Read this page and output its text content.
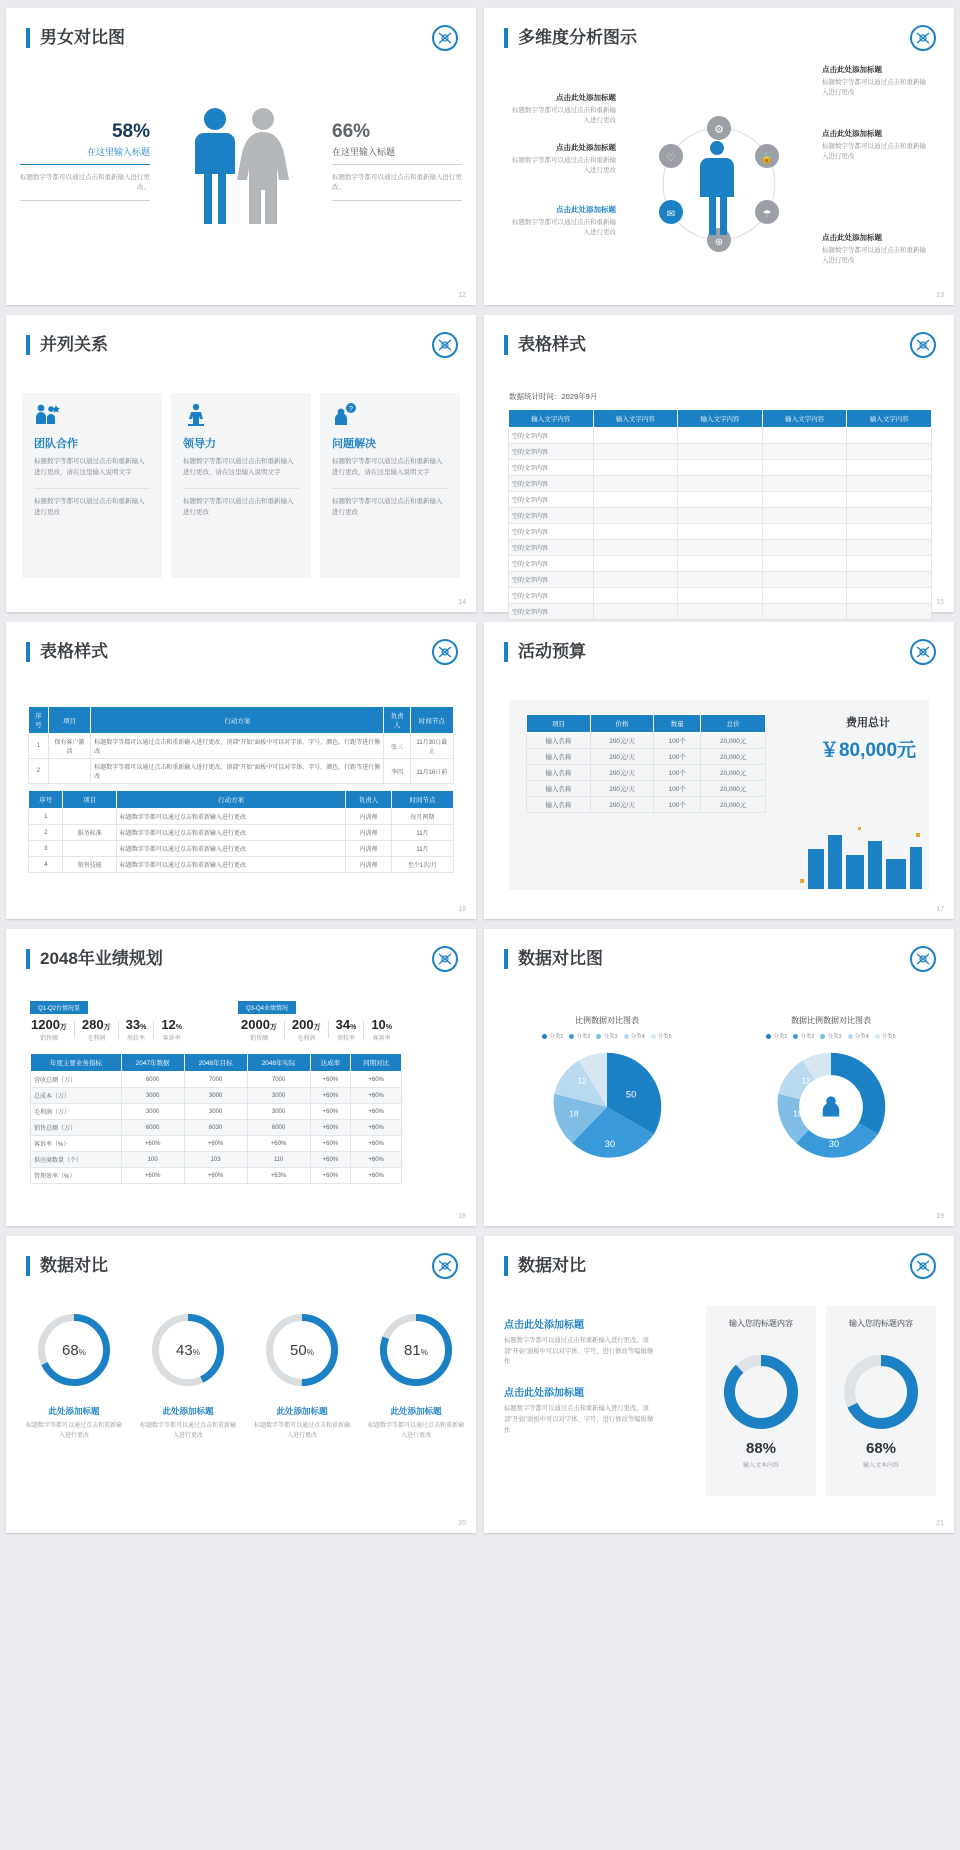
男女对比图
58%
在这里输入标题
标题数字等都可以通过点击和重新输入进行更改。
66%
在这里输入标题
标题数字等都可以通过点击和重新输入进行更改。
12
多维度分析图示
⚙
🔒
☂
⊕
✉
♡
点击此处添加标题
标题数字等都可以通过点击和重新输入进行更改
点击此处添加标题
标题数字等都可以通过点击和重新输入进行更改
点击此处添加标题
标题数字等都可以通过点击和重新输入进行更改
点击此处添加标题
标题数字等都可以通过点击和重新输入进行更改
点击此处添加标题
标题数字等都可以通过点击和重新输入进行更改
点击此处添加标题
标题数字等都可以通过点击和重新输入进行更改
13
并列关系
团队合作

标题数字等都可以通过点击和重新输入进行更改，请在这里输入说明文字

标题数字等都可以通过点击和重新输入进行更改

领导力

标题数字等都可以通过点击和重新输入进行更改，请在这里输入说明文字

标题数字等都可以通过点击和重新输入进行更改

?
问题解决

标题数字等都可以通过点击和重新输入进行更改，请在这里输入说明文字

标题数字等都可以通过点击和重新输入进行更改

14
表格样式
数据统计时间：2029年9月
输入文字内容	输入文字内容	输入文字内容	输入文字内容	输入文字内容
空的文字内容				
空的文字内容				
空的文字内容				
空的文字内容				
空的文字内容				
空的文字内容				
空的文字内容				
空的文字内容				
空的文字内容				
空的文字内容				
空的文字内容				
空的文字内容				
15
表格样式
序号	项目	行动方案	负责人	时间节点
1	保有客户激活	标题数字等都可以通过点击和重新输入进行更改，顶部“开始”面板中可以对字体、字号、颜色、行距等进行修改	张三	11月30日截止
2		标题数字等都可以通过点击和重新输入进行更改，顶部“开始”面板中可以对字体、字号、颜色、行距等进行修改	李四	11月16日前
序号	项目	行动方案	负责人	时间节点
1		标题数字等都可以通过点击和重新输入进行更改	内训师	每月两期
2	服务标准	标题数字等都可以通过点击和重新输入进行更改	内训师	11月
3		标题数字等都可以通过点击和重新输入进行更改	内训师	11月
4	销售技能	标题数字等都可以通过点击和重新输入进行更改	内训师	至少1次/月
16
活动预算
项目	价格	数量	总价
输入名称	200元/天	100个	20,000元
输入名称	200元/天	100个	20,000元
输入名称	200元/天	100个	20,000元
输入名称	200元/天	100个	20,000元
输入名称	200元/天	100个	20,000元
费用总计
￥80,000元
17
2048年业绩规划
Q1-Q2台情况显	Q3-Q4业绩情况
1200万
销售额
280万
毛利润
33%
周转率
12%
客诉率
2000万
销售额
200万
毛利润
34%
周转率
10%
客诉率
年度主要业务指标	2047年数据	2048年目标	2048年实际	达成率	同期对比
营收总额（万）	6000	7000	7000	+60%	+60%
总成本（万）	3000	3000	3000	+60%	+60%
毛利润（万）	3000	3000	3000	+60%	+60%
销售总额（万）	6000	6030	6000	+60%	+60%
客诉率（%）	+60%	+60%	+60%	+60%	+60%
供应商数量（个）	100	103	110	+60%	+60%
管理效率（%）	+60%	+60%	+63%	+60%	+60%
18
数据对比图
比例数据对比图表
分类1	分类2	分类3	分类4	分类5
50
30
18
12
数据比例数据对比图表
分类1	分类2	分类3	分类4	分类5
50
30
18
12
19
数据对比
68%
此处添加标题
标题数字等都可以通过点击和重新输入进行更改
43%
此处添加标题
标题数字等都可以通过点击和重新输入进行更改
50%
此处添加标题
标题数字等都可以通过点击和重新输入进行更改
81%
此处添加标题
标题数字等都可以通过点击和重新输入进行更改
20
数据对比
点击此处添加标题

标题数字等都可以通过点击和重新输入进行更改。顶部“开始”面板中可以对字体、字号，进行修改等编辑操作

点击此处添加标题

标题数字等都可以通过点击和重新输入进行更改。顶部“开始”面板中可以对字体、字号，进行修改等编辑操作

输入您的标题内容
88%
输入文本内容
输入您的标题内容
68%
输入文本内容
21
